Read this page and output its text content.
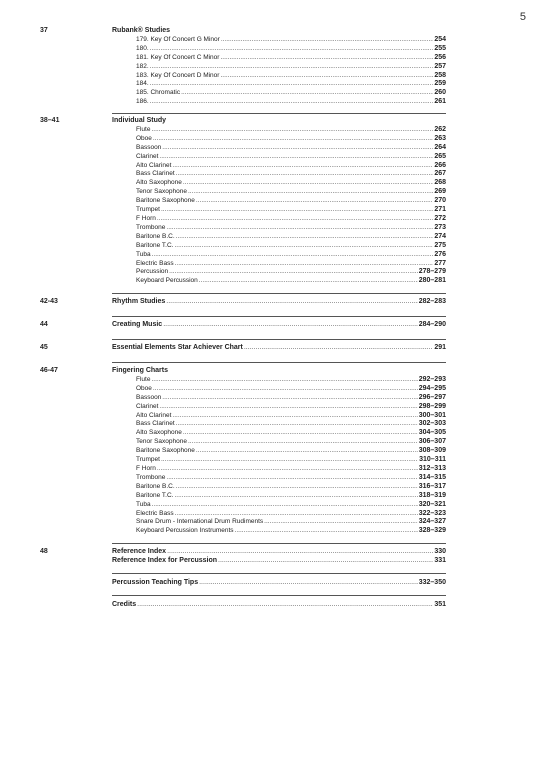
5
37	Rubank® Studies
179. Key Of Concert G Minor .....	254
180. .....	255
181. Key Of Concert C Minor .....	256
182. .....	257
183. Key Of Concert D Minor .....	258
184. .....	259
185. Chromatic .....	260
186. .....	261
38–41	Individual Study
Flute .....	262
Oboe .....	263
Bassoon .....	264
Clarinet .....	265
Alto Clarinet .....	266
Bass Clarinet .....	267
Alto Saxophone .....	268
Tenor Saxophone .....	269
Baritone Saxophone .....	270
Trumpet .....	271
F Horn .....	272
Trombone .....	273
Baritone B.C. .....	274
Baritone T.C. .....	275
Tuba .....	276
Electric Bass .....	277
Percussion .....	278–279
Keyboard Percussion .....	280–281
42-43	Rhythm Studies .....	282–283
44	Creating Music .....	284–290
45	Essential Elements Star Achiever Chart .....	291
46-47	Fingering Charts
Flute .....	292–293
Oboe .....	294–295
Bassoon .....	296–297
Clarinet .....	298–299
Alto Clarinet .....	300–301
Bass Clarinet .....	302–303
Alto Saxophone .....	304–305
Tenor Saxophone .....	306–307
Baritone Saxophone .....	308–309
Trumpet .....	310–311
F Horn .....	312–313
Trombone .....	314–315
Baritone B.C. .....	316–317
Baritone T.C. .....	318–319
Tuba .....	320–321
Electric Bass .....	322–323
Snare Drum - International Drum Rudiments .....	324–327
Keyboard Percussion Instruments .....	328–329
48	Reference Index .....	330
Reference Index for Percussion .....	331
Percussion Teaching Tips .....	332–350
Credits .....	351
